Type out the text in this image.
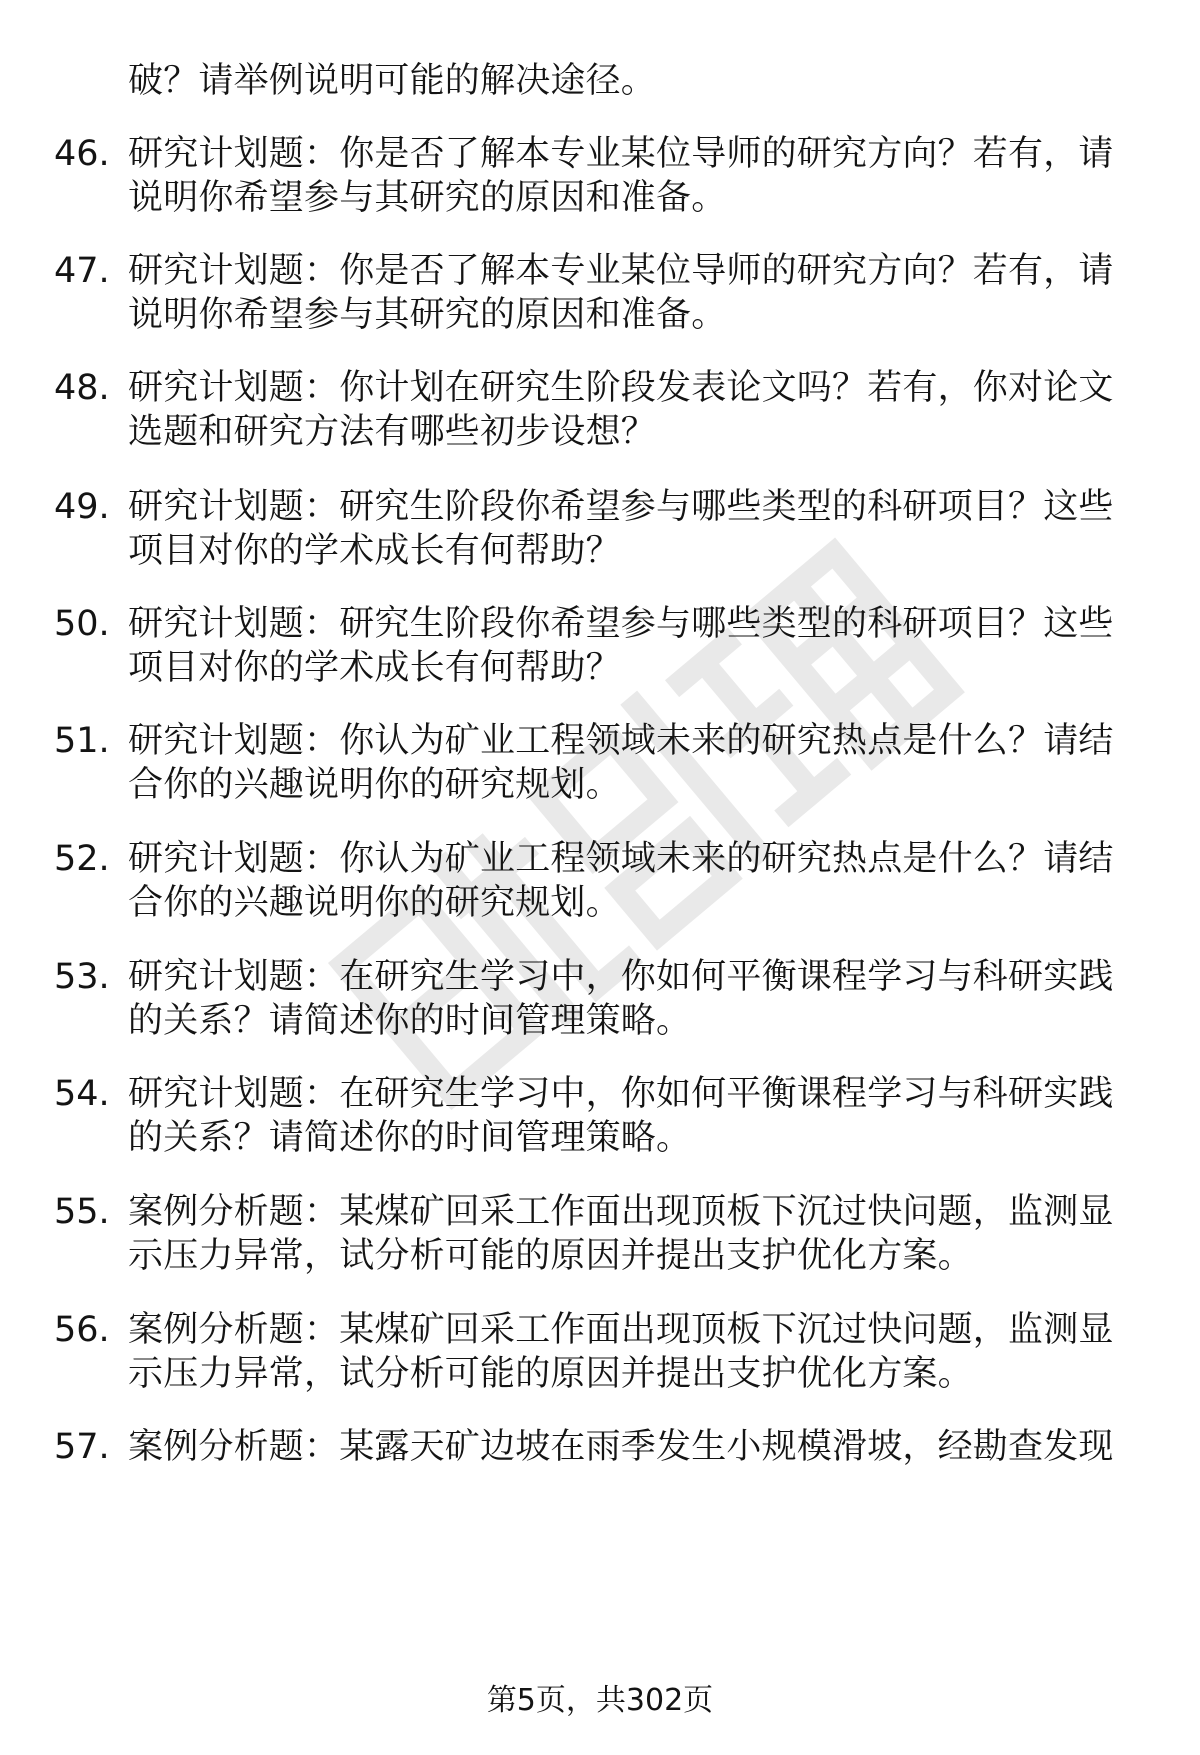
破？请举例说明可能的解决途径。
46. 研究计划题：你是否了解本专业某位导师的研究方向？若有，请
说明你希望参与其研究的原因和准备。
47. 研究计划题：你是否了解本专业某位导师的研究方向？若有，请
说明你希望参与其研究的原因和准备。
48. 研究计划题：你计划在研究生阶段发表论文吗？若有，你对论文
选题和研究方法有哪些初步设想？
49. 研究计划题：研究生阶段你希望参与哪些类型的科研项目？这些
项目对你的学术成长有何帮助？
50. 研究计划题：研究生阶段你希望参与哪些类型的科研项目？这些
项目对你的学术成长有何帮助？
51. 研究计划题：你认为矿业工程领域未来的研究热点是什么？请结
合你的兴趣说明你的研究规划。
52. 研究计划题：你认为矿业工程领域未来的研究热点是什么？请结
合你的兴趣说明你的研究规划。
53. 研究计划题：在研究生学习中，你如何平衡课程学习与科研实践
的关系？请简述你的时间管理策略。
54. 研究计划题：在研究生学习中，你如何平衡课程学习与科研实践
的关系？请简述你的时间管理策略。
55. 案例分析题：某煤矿回采工作面出现顶板下沉过快问题，监测显
示压力异常，试分析可能的原因并提出支护优化方案。
56. 案例分析题：某煤矿回采工作面出现顶板下沉过快问题，监测显
示压力异常，试分析可能的原因并提出支护优化方案。
57. 案例分析题：某露天矿边坡在雨季发生小规模滑坡，经勘查发现
第5页，共302页
